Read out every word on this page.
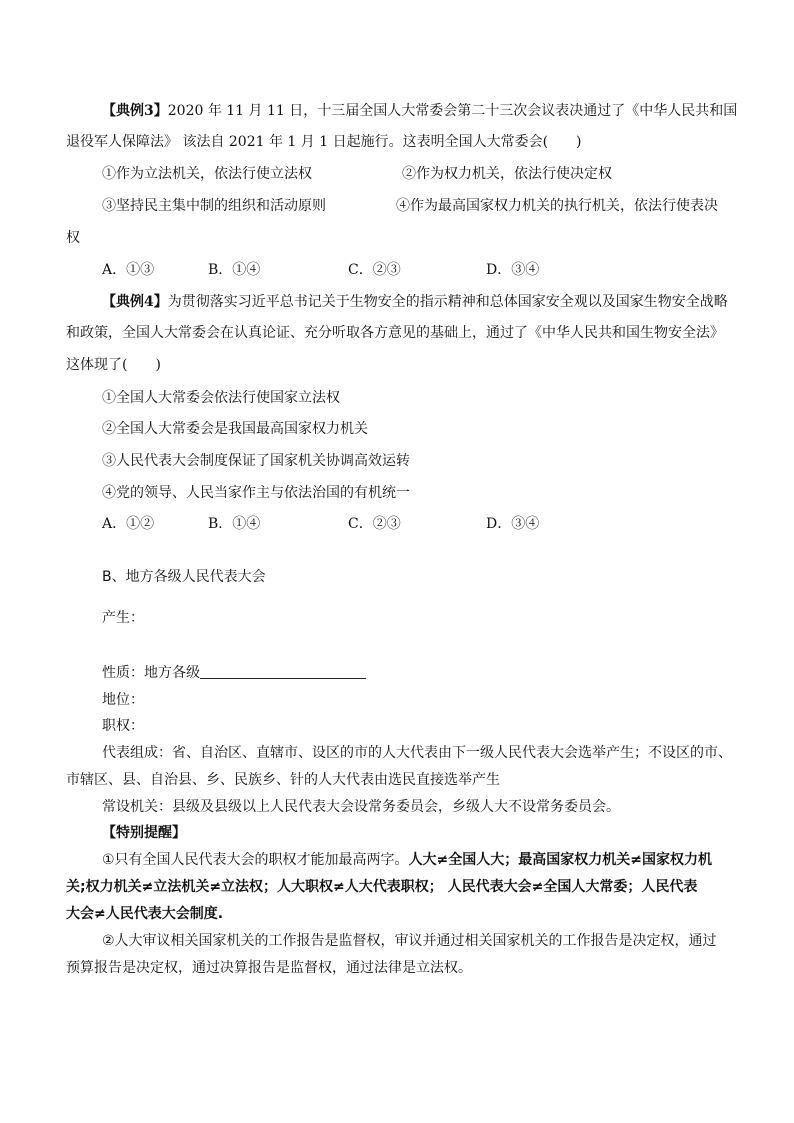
【典例3】2020 年 11 月 11 日，十三届全国人大常委会第二十三次会议表决通过了《中华人民共和国
退役军人保障法》 该法自 2021 年 1 月 1 日起施行。这表明全国人大常委会(　　)
①作为立法机关，依法行使立法权	②作为权力机关，依法行使决定权
③坚持民主集中制的组织和活动原则	④作为最高国家权力机关的执行机关，依法行使表决
权
A．①③	B．①④	C．②③	D．③④
【典例4】为贯彻落实习近平总书记关于生物安全的指示精神和总体国家安全观以及国家生物安全战略
和政策，全国人大常委会在认真论证、充分听取各方意见的基础上，通过了《中华人民共和国生物安全法》
这体现了(　　)
①全国人大常委会依法行使国家立法权
②全国人大常委会是我国最高国家权力机关
③人民代表大会制度保证了国家机关协调高效运转
④党的领导、人民当家作主与依法治国的有机统一
A．①②	B．①④	C．②③	D．③④
B、地方各级人民代表大会
产生：
性质：地方各级
地位：
职权：
代表组成：省、自治区、直辖市、设区的市的人大代表由下一级人民代表大会选举产生；不设区的市、
市辖区、县、自治县、乡、民族乡、针的人大代表由选民直接选举产生
常设机关：县级及县级以上人民代表大会设常务委员会，乡级人大不设常务委员会。
【特别提醒】
①只有全国人民代表大会的职权才能加最高两字。人大≠全国人大；最高国家权力机关≠国家权力机
关;权力机关≠立法机关≠立法权；人大职权≠人大代表职权； 人民代表大会≠全国人大常委；人民代表
大会≠人民代表大会制度.
②人大审议相关国家机关的工作报告是监督权，审议并通过相关国家机关的工作报告是决定权，通过
预算报告是决定权，通过决算报告是监督权，通过法律是立法权。
